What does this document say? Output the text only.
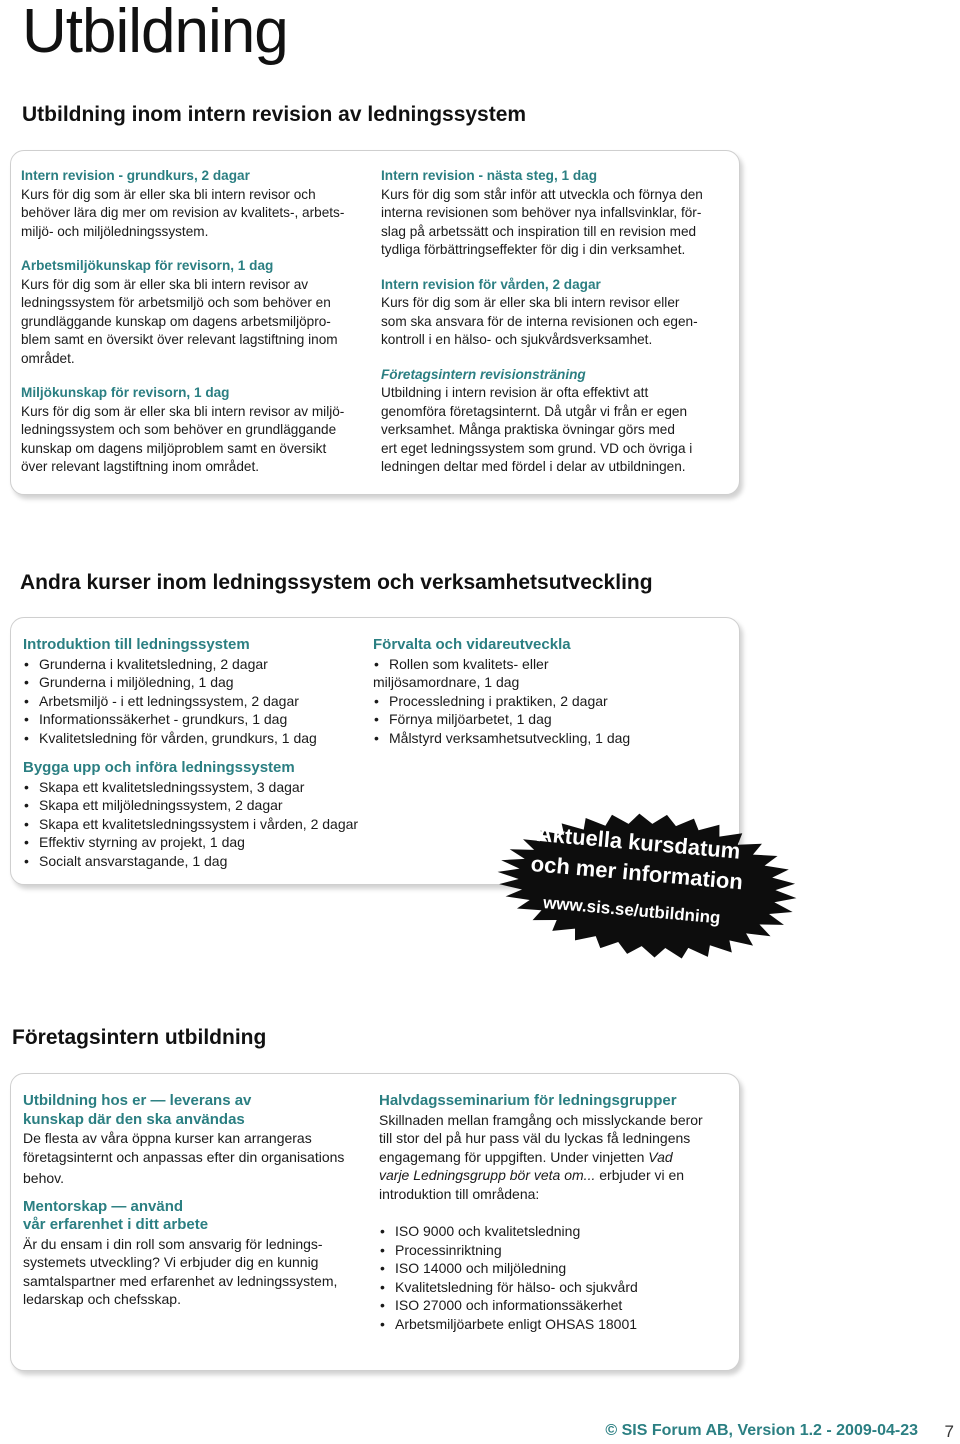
Utbildning
Utbildning inom intern revision av ledningssystem

Intern revision - grundkurs, 2 dagar

Kurs för dig som är eller ska bli intern revisor och

behöver lära dig mer om revision av kvalitets-, arbets-

miljö- och miljöledningssystem.

Arbetsmiljökunskap för revisorn, 1 dag

Kurs för dig som är eller ska bli intern revisor av

ledningssystem för arbetsmiljö och som behöver en

grundläggande kunskap om dagens arbetsmiljöpro-

blem samt en översikt över relevant lagstiftning inom

området.

Miljökunskap för revisorn, 1 dag

Kurs för dig som är eller ska bli intern revisor av miljö-

ledningssystem och som behöver en grundläggande

kunskap om dagens miljöproblem samt en översikt

över relevant lagstiftning inom området.

Intern revision - nästa steg, 1 dag

Kurs för dig som står inför att utveckla och förnya den

interna revisionen som behöver nya infallsvinklar, för-

slag på arbetssätt och inspiration till en revision med

tydliga förbättringseffekter för dig i din verksamhet.

Intern revision för vården, 2 dagar

Kurs för dig som är eller ska bli intern revisor eller

som ska ansvara för de interna revisionen och egen-

kontroll i en hälso- och sjukvårdsverksamhet.

Företagsintern revisionsträning

Utbildning i intern revision är ofta effektivt att

genomföra företagsinternt. Då utgår vi från er egen

verksamhet. Många praktiska övningar görs med

ert eget ledningssystem som grund. VD och övriga i

ledningen deltar med fördel i delar av utbildningen.

Andra kurser inom ledningssystem och verksamhetsutveckling
Introduktion till ledningssystem
• Grunderna i kvalitetsledning, 2 dagar
• Grunderna i miljöledning, 1 dag
• Arbetsmiljö - i ett ledningssystem, 2 dagar
• Informationssäkerhet - grundkurs, 1 dag
• Kvalitetsledning för vården, grundkurs, 1 dag
Bygga upp och införa ledningssystem
• Skapa ett kvalitetsledningssystem, 3 dagar
• Skapa ett miljöledningssystem, 2 dagar
• Skapa ett kvalitetsledningssystem i vården, 2 dagar
• Effektiv styrning av projekt, 1 dag
• Socialt ansvarstagande, 1 dag
Förvalta och vidareutveckla
• Rollen som kvalitets- eller
miljösamordnare, 1 dag
• Processledning i praktiken, 2 dagar
• Förnya miljöarbetet, 1 dag
• Målstyrd verksamhetsutveckling, 1 dag
Aktuella kursdatum
och mer information
www.sis.se/utbildning
Företagsintern utbildning
Utbildning hos er — leverans av
kunskap där den ska användas
De flesta av våra öppna kurser kan arrangeras
företagsinternt och anpassas efter din organisations
behov.
Mentorskap — använd
vår erfarenhet i ditt arbete
Är du ensam i din roll som ansvarig för lednings-
systemets utveckling? Vi erbjuder dig en kunnig
samtalspartner med erfarenhet av ledningssystem,
ledarskap och chefsskap.
Halvdagsseminarium för ledningsgrupper
Skillnaden mellan framgång och misslyckande beror
till stor del på hur pass väl du lyckas få ledningens
engagemang för uppgiften. Under vinjetten Vad
varje Ledningsgrupp bör veta om... erbjuder vi en
introduktion till områdena:
• ISO 9000 och kvalitetsledning
• Processinriktning
• ISO 14000 och miljöledning
• Kvalitetsledning för hälso- och sjukvård
• ISO 27000 och informationssäkerhet
• Arbetsmiljöarbete enligt OHSAS 18001
© SIS Forum AB, Version 1.2 - 2009-04-23 7
